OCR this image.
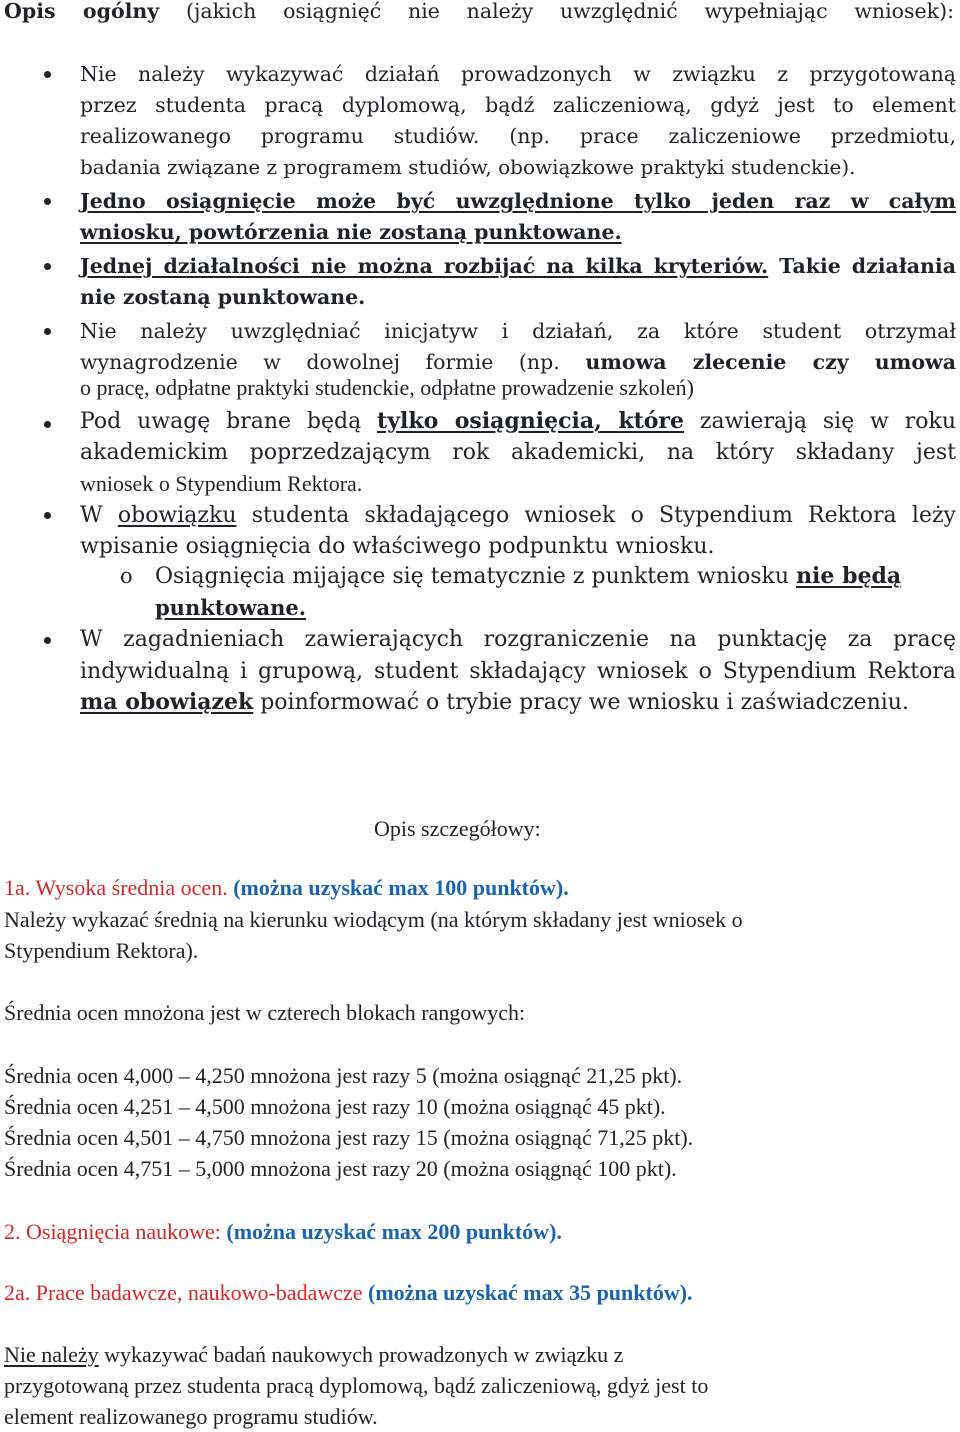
Opis ogólny (jakich osiągnięć nie należy uwzględnić wypełniając wniosek):
Nie należy wykazywać działań prowadzonych w związku z przygotowaną
przez studenta pracą dyplomową, bądź zaliczeniową, gdyż jest to element
realizowanego programu studiów. (np. prace zaliczeniowe przedmiotu,
badania związane z programem studiów, obowiązkowe praktyki studenckie).
Jedno osiągnięcie może być uwzględnione tylko jeden raz w całym
wniosku, powtórzenia nie zostaną punktowane.
Jednej działalności nie można rozbijać na kilka kryteriów. Takie działania
nie zostaną punktowane.
Nie należy uwzględniać inicjatyw i działań, za które student otrzymał
wynagrodzenie w dowolnej formie (np. umowa zlecenie czy umowa
o pracę, odpłatne praktyki studenckie, odpłatne prowadzenie szkoleń)
Pod uwagę brane będą tylko osiągnięcia, które zawierają się w roku
akademickim poprzedzającym rok akademicki, na który składany jest
wniosek o Stypendium Rektora.
W obowiązku studenta składającego wniosek o Stypendium Rektora leży
wpisanie osiągnięcia do właściwego podpunktu wniosku.
o Osiągnięcia mijające się tematycznie z punktem wniosku nie będą
punktowane.
W zagadnieniach zawierających rozgraniczenie na punktację za pracę
indywidualną i grupową, student składający wniosek o Stypendium Rektora
ma obowiązek poinformować o trybie pracy we wniosku i zaświadczeniu.
Opis szczegółowy:
1a. Wysoka średnia ocen. (można uzyskać max 100 punktów).
Należy wykazać średnią na kierunku wiodącym (na którym składany jest wniosek o
Stypendium Rektora).
Średnia ocen mnożona jest w czterech blokach rangowych:
Średnia ocen 4,000 – 4,250 mnożona jest razy 5 (można osiągnąć 21,25 pkt).
Średnia ocen 4,251 – 4,500 mnożona jest razy 10 (można osiągnąć 45 pkt).
Średnia ocen 4,501 – 4,750 mnożona jest razy 15 (można osiągnąć 71,25 pkt).
Średnia ocen 4,751 – 5,000 mnożona jest razy 20 (można osiągnąć 100 pkt).
2. Osiągnięcia naukowe: (można uzyskać max 200 punktów).
2a. Prace badawcze, naukowo-badawcze (można uzyskać max 35 punktów).
Nie należy wykazywać badań naukowych prowadzonych w związku z
przygotowaną przez studenta pracą dyplomową, bądź zaliczeniową, gdyż jest to
element realizowanego programu studiów.
